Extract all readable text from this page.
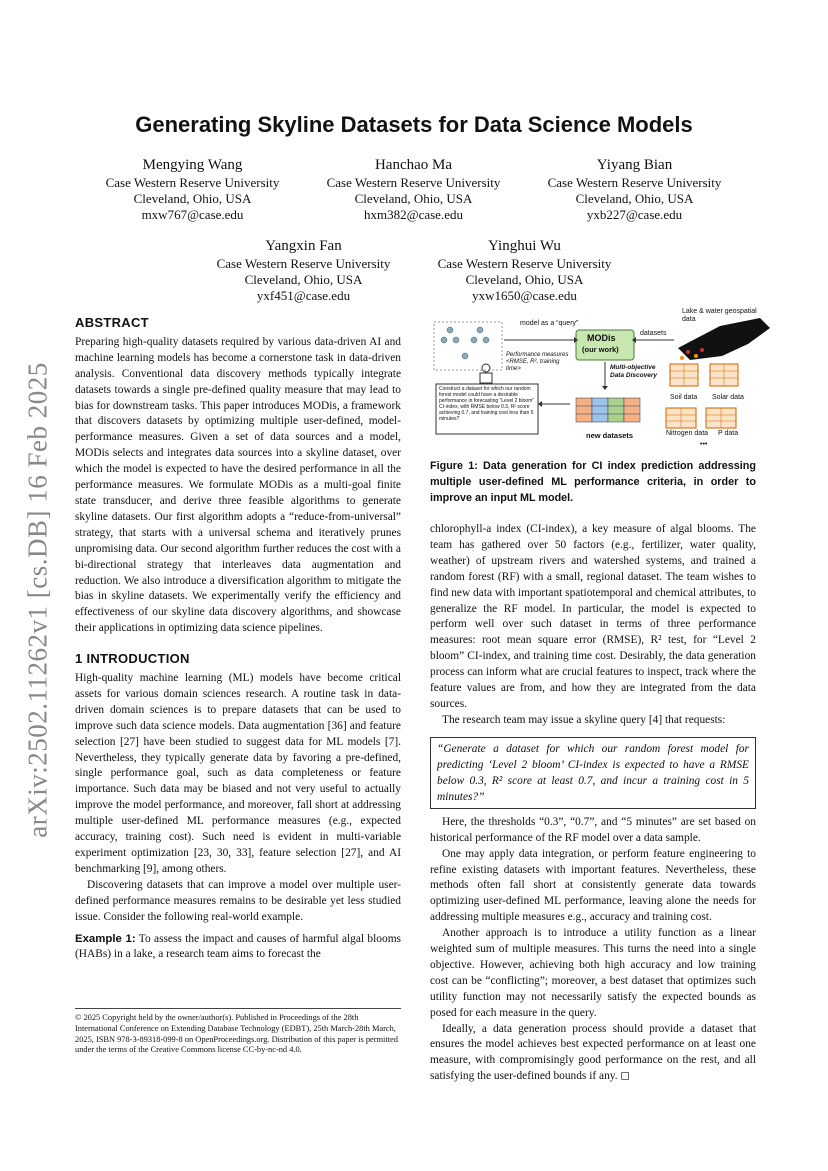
arXiv:2502.11262v1 [cs.DB] 16 Feb 2025
Generating Skyline Datasets for Data Science Models
Mengying Wang
Case Western Reserve University
Cleveland, Ohio, USA
mxw767@case.edu
Hanchao Ma
Case Western Reserve University
Cleveland, Ohio, USA
hxm382@case.edu
Yiyang Bian
Case Western Reserve University
Cleveland, Ohio, USA
yxb227@case.edu
Yangxin Fan
Case Western Reserve University
Cleveland, Ohio, USA
yxf451@case.edu
Yinghui Wu
Case Western Reserve University
Cleveland, Ohio, USA
yxw1650@case.edu
ABSTRACT

Preparing high-quality datasets required by various data-driven AI and machine learning models has become a cornerstone task in data-driven analysis. Conventional data discovery methods typically integrate datasets towards a single pre-defined quality measure that may lead to bias for downstream tasks. This paper introduces MODis, a framework that discovers datasets by optimizing multiple user-defined, model-performance measures. Given a set of data sources and a model, MODis selects and integrates data sources into a skyline dataset, over which the model is expected to have the desired performance in all the performance measures. We formulate MODis as a multi-goal finite state transducer, and derive three feasible algorithms to generate skyline datasets. Our first algorithm adopts a “reduce-from-universal” strategy, that starts with a universal schema and iteratively prunes unpromising data. Our second algorithm further reduces the cost with a bi-directional strategy that interleaves data augmentation and reduction. We also introduce a diversification algorithm to mitigate the bias in skyline datasets. We experimentally verify the efficiency and effectiveness of our skyline data discovery algorithms, and showcase their applications in optimizing data science pipelines.

1 INTRODUCTION

High-quality machine learning (ML) models have become critical assets for various domain sciences research. A routine task in data-driven domain sciences is to prepare datasets that can be used to improve such data science models. Data augmentation [36] and feature selection [27] have been studied to suggest data for ML models [7]. Nevertheless, they typically generate data by favoring a pre-defined, single performance goal, such as data completeness or feature importance. Such data may be biased and not very useful to actually improve the model performance, and moreover, fall short at addressing multiple user-defined ML performance measures (e.g., expected accuracy, training cost). Such need is evident in multi-variable experiment optimization [23, 30, 33], feature selection [27], and AI benchmarking [9], among others.

Discovering datasets that can improve a model over multiple user-defined performance measures remains to be desirable yet less studied issue. Consider the following real-world example.

Example 1: To assess the impact and causes of harmful algal blooms (HABs) in a lake, a research team aims to forecast the

© 2025 Copyright held by the owner/author(s). Published in Proceedings of the 28th International Conference on Extending Database Technology (EDBT), 25th March-28th March, 2025, ISBN 978-3-89318-099-8 on OpenProceedings.org. Distribution of this paper is permitted under the terms of the Creative Commons license CC-by-nc-nd 4.0.
model as a “query”
MODis
(our work)
datasets
Lake & water geospatial data
Performance measures <RMSE, R², training time>	Multi-objective Data Discovery
Soil data Solar data
Nitrogen data P data
new datasets
•••
Construct a dataset for which our random forest model could have a desirable performance in forecasting “Level 2 bloom” CI-index, with RMSE below 0.3, R² score achieving 0.7, and training cost less than 5 minutes?

Figure 1: Data generation for CI index prediction addressing multiple user-defined ML performance criteria, in order to improve an input ML model.

chlorophyll-a index (CI-index), a key measure of algal blooms. The team has gathered over 50 factors (e.g., fertilizer, water quality, weather) of upstream rivers and watershed systems, and trained a random forest (RF) with a small, regional dataset. The team wishes to find new data with important spatiotemporal and chemical attributes, to generalize the RF model. In particular, the model is expected to perform well over such dataset in terms of three performance measures: root mean square error (RMSE), R² test, for “Level 2 bloom” CI-index, and training time cost. Desirably, the data generation process can inform what are crucial features to inspect, track where the feature values are from, and how they are integrated from the data sources.

The research team may issue a skyline query [4] that requests:

“Generate a dataset for which our random forest model for predicting ‘Level 2 bloom’ CI-index is expected to have a RMSE below 0.3, R² score at least 0.7, and incur a training cost in 5 minutes?”

Here, the thresholds “0.3”, “0.7”, and “5 minutes” are set based on historical performance of the RF model over a data sample.

One may apply data integration, or perform feature engineering to refine existing datasets with important features. Nevertheless, these methods often fall short at consistently generate data towards optimizing user-defined ML performance, leaving alone the needs for addressing multiple measures e.g., accuracy and training cost.

Another approach is to introduce a utility function as a linear weighted sum of multiple measures. This turns the need into a single objective. However, achieving both high accuracy and low training cost can be “conflicting”; moreover, a best dataset that optimizes such utility function may not necessarily satisfy the expected bounds as posed for each measure in the query.

Ideally, a data generation process should provide a dataset that ensures the model achieves best expected performance on at least one measure, with compromisingly good performance on the rest, and all satisfying the user-defined bounds if any. ◻
